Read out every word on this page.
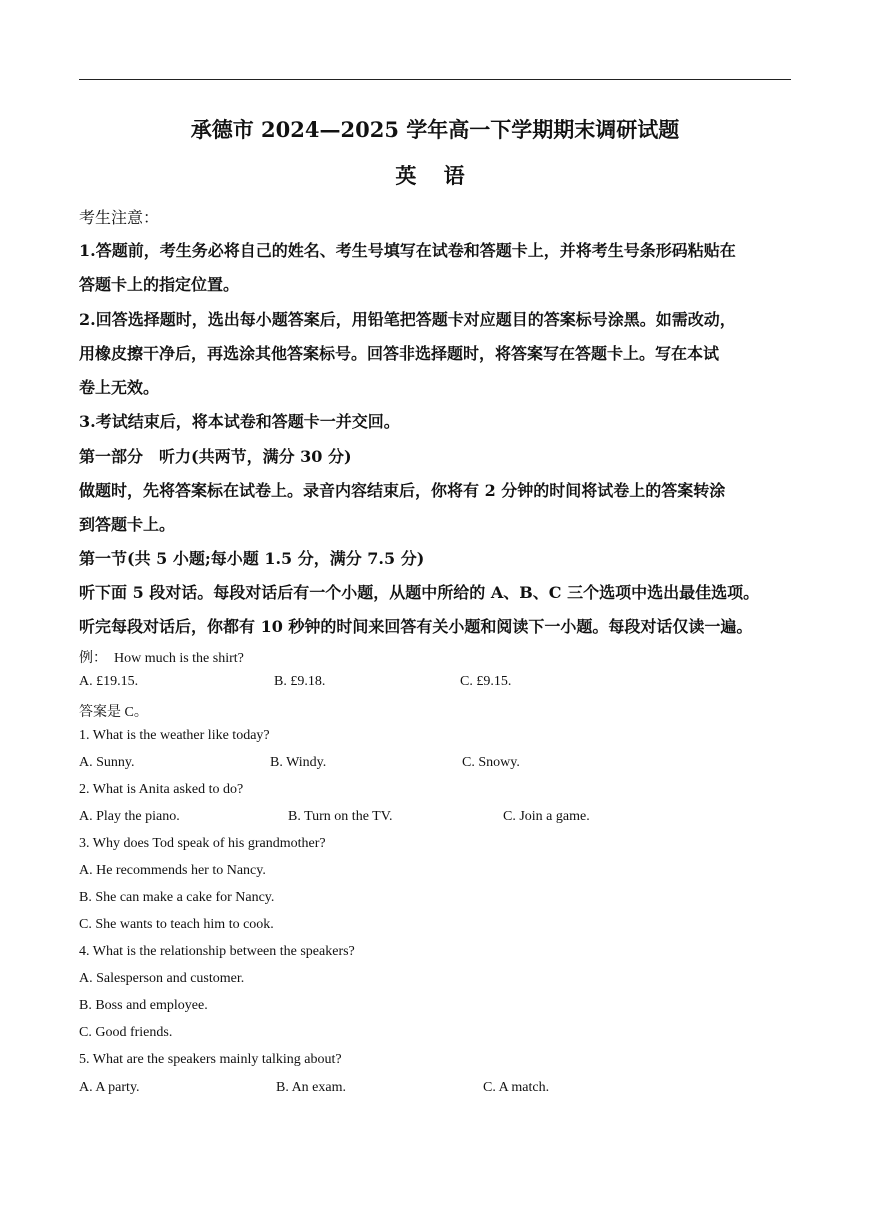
承德市 2024—2025 学年高一下学期期末调研试题
英 语
考生注意：
1.答题前，考生务必将自己的姓名、考生号填写在试卷和答题卡上，并将考生号条形码粘贴在
答题卡上的指定位置。
2.回答选择题时，选出每小题答案后，用铅笔把答题卡对应题目的答案标号涂黑。如需改动，
用橡皮擦干净后，再选涂其他答案标号。回答非选择题时，将答案写在答题卡上。写在本试
卷上无效。
3.考试结束后，将本试卷和答题卡一并交回。
第一部分　听力(共两节，满分 30 分)
做题时，先将答案标在试卷上。录音内容结束后，你将有 2 分钟的时间将试卷上的答案转涂
到答题卡上。
第一节(共 5 小题;每小题 1.5 分，满分 7.5 分)
听下面 5 段对话。每段对话后有一个小题，从题中所给的 A、B、C 三个选项中选出最佳选项。
听完每段对话后，你都有 10 秒钟的时间来回答有关小题和阅读下一小题。每段对话仅读一遍。
例：　How much is the shirt?
A. £19.15.	B. £9.18.	C. £9.15.
答案是 C。
1. What is the weather like today?
A. Sunny.	B. Windy.	C. Snowy.
2. What is Anita asked to do?
A. Play the piano.	B. Turn on the TV.	C. Join a game.
3. Why does Tod speak of his grandmother?
A. He recommends her to Nancy.
B. She can make a cake for Nancy.
C. She wants to teach him to cook.
4. What is the relationship between the speakers?
A. Salesperson and customer.
B. Boss and employee.
C. Good friends.
5. What are the speakers mainly talking about?
A. A party.	B. An exam.	C. A match.
